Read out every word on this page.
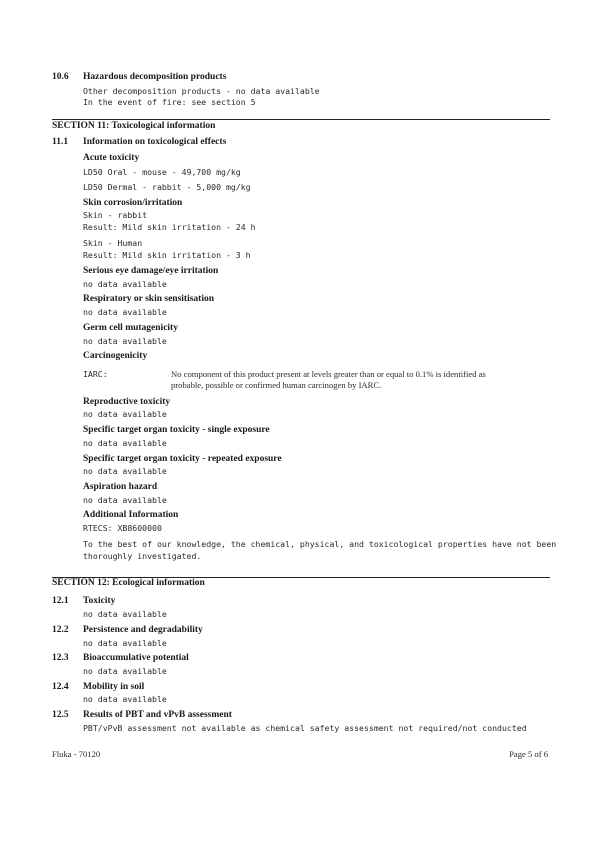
10.6 Hazardous decomposition products
Other decomposition products - no data available
In the event of fire: see section 5
SECTION 11: Toxicological information
11.1 Information on toxicological effects
Acute toxicity
LD50 Oral - mouse - 49,700 mg/kg
LD50 Dermal - rabbit - 5,000 mg/kg
Skin corrosion/irritation
Skin - rabbit
Result: Mild skin irritation - 24 h
Skin - Human
Result: Mild skin irritation - 3 h
Serious eye damage/eye irritation
no data available
Respiratory or skin sensitisation
no data available
Germ cell mutagenicity
no data available
Carcinogenicity
IARC:	No component of this product present at levels greater than or equal to 0.1% is identified as
probable, possible or confirmed human carcinogen by IARC.
Reproductive toxicity
no data available
Specific target organ toxicity - single exposure
no data available
Specific target organ toxicity - repeated exposure
no data available
Aspiration hazard
no data available
Additional Information
RTECS: XB8600000
To the best of our knowledge, the chemical, physical, and toxicological properties have not been
thoroughly investigated.
SECTION 12: Ecological information
12.1 Toxicity
no data available
12.2 Persistence and degradability
no data available
12.3 Bioaccumulative potential
no data available
12.4 Mobility in soil
no data available
12.5 Results of PBT and vPvB assessment
PBT/vPvB assessment not available as chemical safety assessment not required/not conducted
Fluka - 70120	Page 5 of 6
